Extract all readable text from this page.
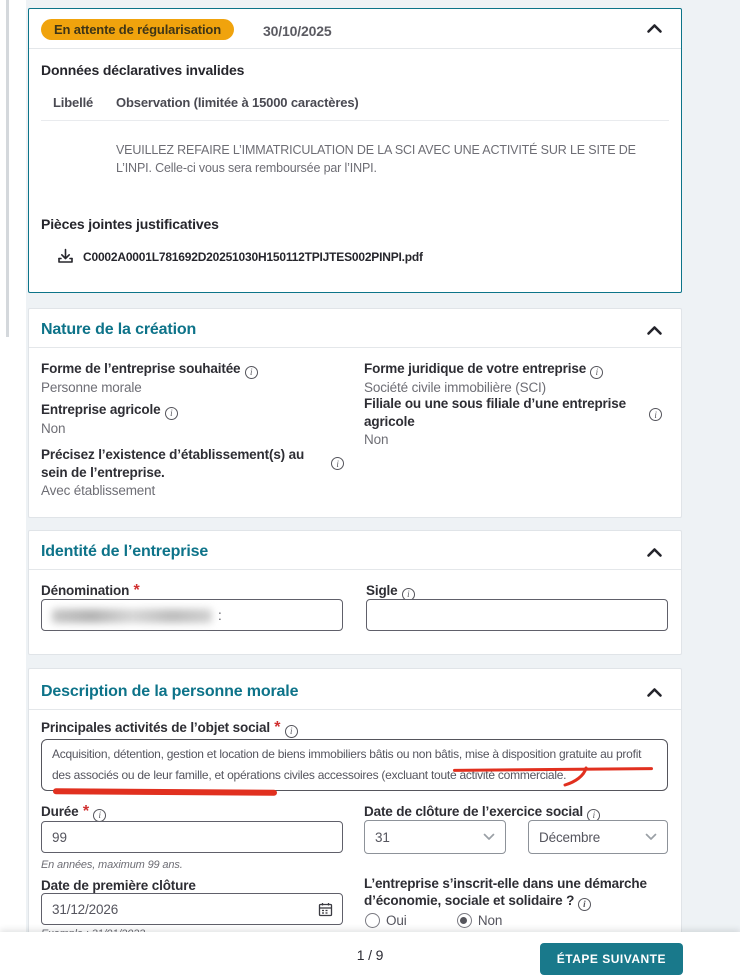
En attente de régularisation	30/10/2025
Données déclaratives invalides
Libellé Observation (limitée à 15000 caractères)
VEUILLEZ REFAIRE L’IMMATRICULATION DE LA SCI AVEC UNE ACTIVITÉ SUR LE SITE DE L’INPI. Celle-ci vous sera remboursée par l’INPI.
Pièces jointes justificatives
C0002A0001L781692D20251030H150112TPIJTES002PINPI.pdf
Nature de la création
Forme de l’entreprise souhaitée i
Personne morale
Forme juridique de votre entreprise i
Société civile immobilière (SCI)
Entreprise agricole i
Non
Filiale ou une sous filiale d’une entreprise agricole
Non
i
Précisez l’existence d’établissement(s) au sein de l’entreprise.
Avec établissement
i
Identité de l’entreprise
Dénomination *
:
Sigle i
Description de la personne morale
Principales activités de l’objet social * i
Acquisition, détention, gestion et location de biens immobiliers bâtis ou non bâtis, mise à disposition gratuite au profit des associés ou de leur famille, et opérations civiles accessoires (excluant toute activité commerciale.
Durée * i
99
En années, maximum 99 ans.
Date de clôture de l’exercice social i
31	Décembre
Date de première clôture
31/12/2026
L’entreprise s’inscrit-elle dans une démarche d’économie, sociale et solidaire ? i
Oui	Non
1 / 9	ÉTAPE SUIVANTE
